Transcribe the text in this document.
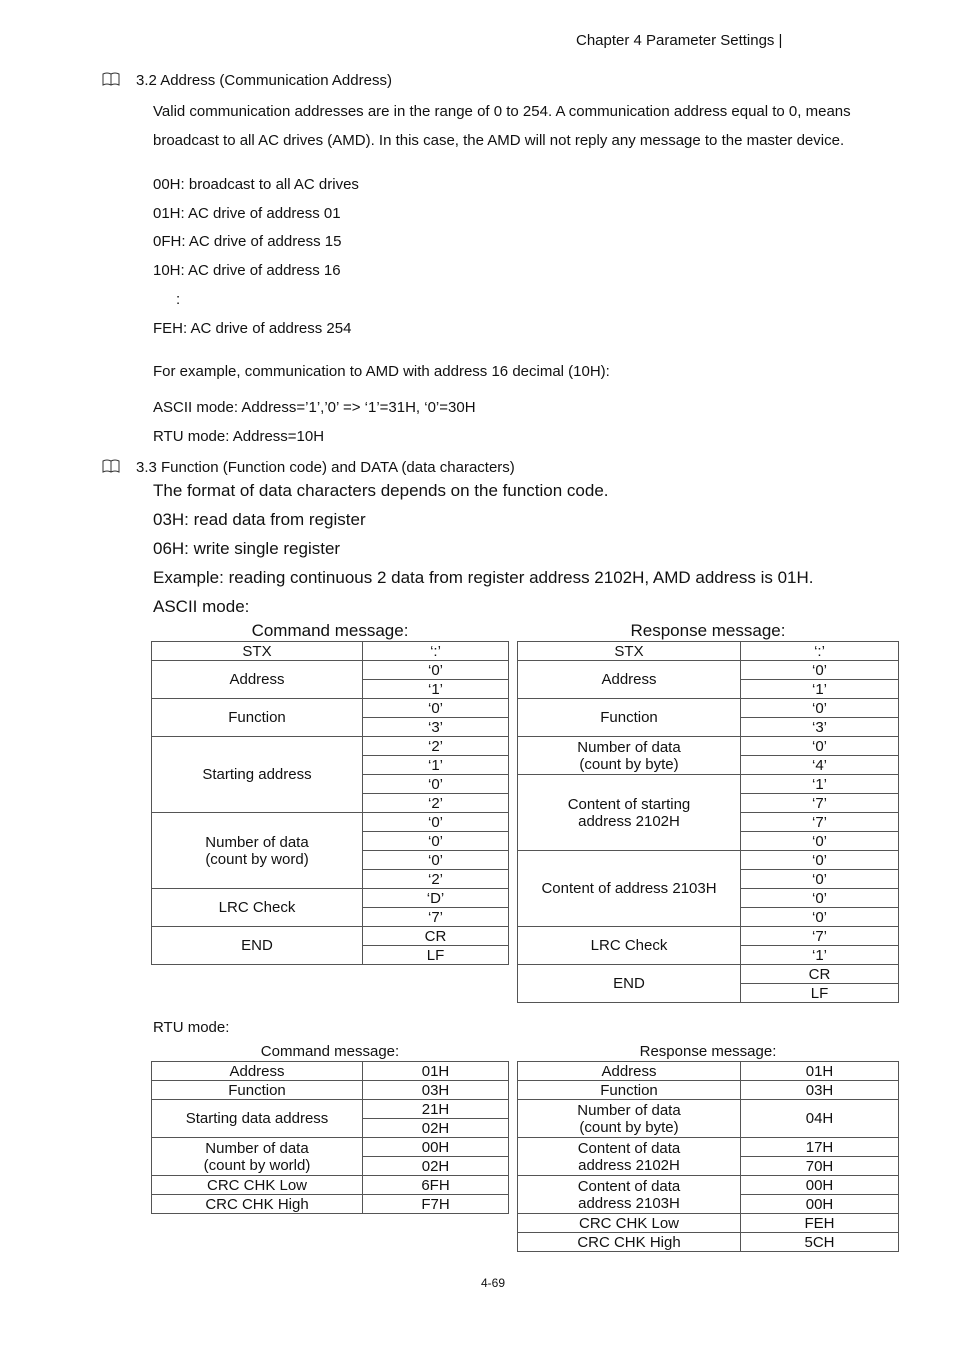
Chapter 4 Parameter Settings |
3.2 Address (Communication Address)
Valid communication addresses are in the range of 0 to 254. A communication address equal to 0, means
broadcast to all AC drives (AMD). In this case, the AMD will not reply any message to the master device.
00H: broadcast to all AC drives
01H: AC drive of address 01
0FH: AC drive of address 15
10H: AC drive of address 16
:
FEH: AC drive of address 254
For example, communication to AMD with address 16 decimal (10H):
ASCII mode: Address=’1’,’0’ => ‘1’=31H, ‘0’=30H
RTU mode: Address=10H
3.3 Function (Function code) and DATA (data characters)
The format of data characters depends on the function code.
03H: read data from register
06H: write single register
Example: reading continuous 2 data from register address 2102H, AMD address is 01H.
ASCII mode:
Command message:	Response message:
STX	‘:’
Address	‘0’
	‘1’
Function	‘0’
	‘3’
Starting address	‘2’
	‘1’
	‘0’
	‘2’
Number of data
(count by word)	‘0’
	‘0’
	‘0’
	‘2’
LRC Check	‘D’
	‘7’
END	CR
	LF
STX	‘:’
Address	‘0’
	‘1’
Function	‘0’
	‘3’
Number of data
(count by byte)	‘0’
	‘4’
Content of starting
address 2102H	‘1’
	‘7’
	‘7’
	‘0’
Content of address 2103H	‘0’
	‘0’
	‘0’
	‘0’
LRC Check	‘7’
	‘1’
END	CR
	LF
RTU mode:
Command message:	Response message:
Address	01H
Function	03H
Starting data address	21H
	02H
Number of data
(count by world)	00H
	02H
CRC CHK Low	6FH
CRC CHK High	F7H
Address	01H
Function	03H
Number of data
(count by byte)	04H
Content of data
address 2102H	17H
	70H
Content of data
address 2103H	00H
	00H
CRC CHK Low	FEH
CRC CHK High	5CH
4-69
